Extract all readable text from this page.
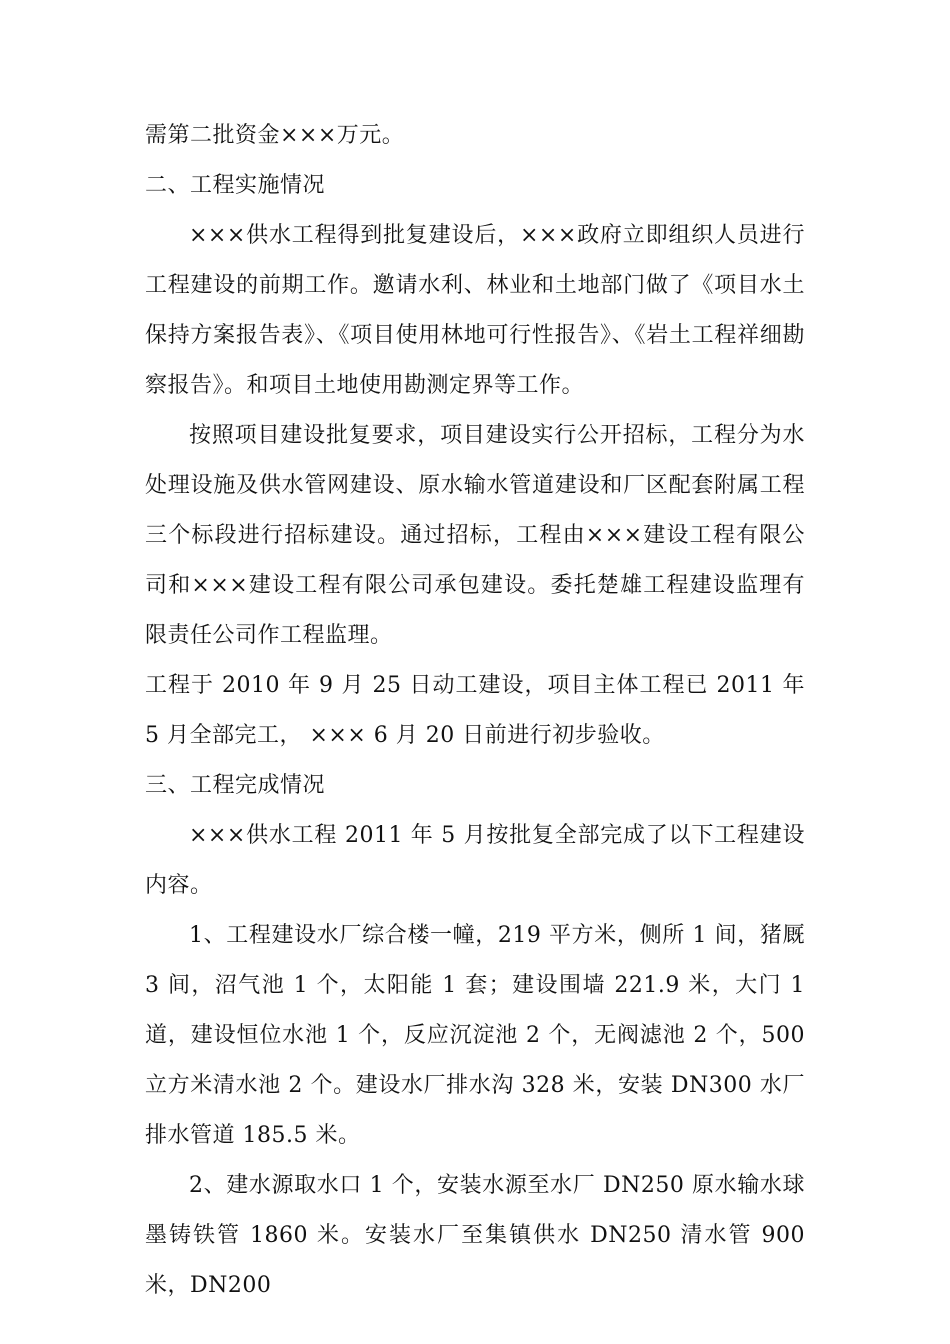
需第二批资金×××万元。

二、工程实施情况

×××供水工程得到批复建设后，×××政府立即组织人员进行工程建设的前期工作。邀请水利、林业和土地部门做了《项目水土保持方案报告表》、《项目使用林地可行性报告》、《岩土工程祥细勘察报告》。和项目土地使用勘测定界等工作。

按照项目建设批复要求，项目建设实行公开招标，工程分为水处理设施及供水管网建设、原水输水管道建设和厂区配套附属工程三个标段进行招标建设。通过招标，工程由×××建设工程有限公司和×××建设工程有限公司承包建设。委托楚雄工程建设监理有限责任公司作工程监理。

工程于 2010 年 9 月 25 日动工建设，项目主体工程已 2011 年 5 月全部完工， ××× 6 月 20 日前进行初步验收。

三、工程完成情况

×××供水工程 2011 年 5 月按批复全部完成了以下工程建设内容。

1、工程建设水厂综合楼一幢，219 平方米，侧所 1 间，猪厩 3 间，沼气池 1 个，太阳能 1 套；建设围墙 221.9 米，大门 1 道，建设恒位水池 1 个，反应沉淀池 2 个，无阀滤池 2 个，500 立方米清水池 2 个。建设水厂排水沟 328 米，安装 DN300 水厂排水管道 185.5 米。

2、建水源取水口 1 个，安装水源至水厂 DN250 原水输水球墨铸铁管 1860 米。安装水厂至集镇供水 DN250 清水管 900 米，DN200
